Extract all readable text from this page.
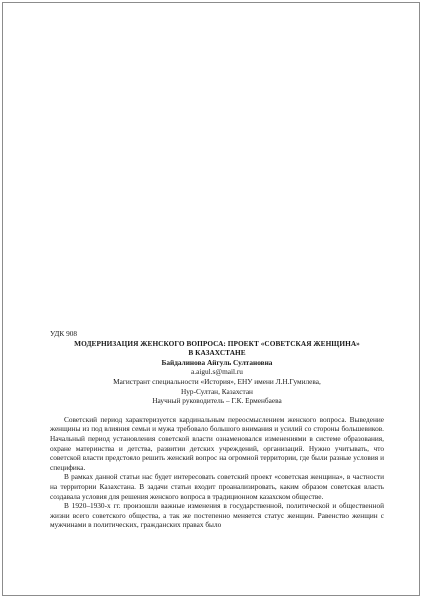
УДК 908

МОДЕРНИЗАЦИЯ ЖЕНСКОГО ВОПРОСА: ПРОЕКТ «СОВЕТСКАЯ ЖЕНЩИНА»

В КАЗАХСТАНЕ

Байдалинова Айгуль Султановна

a.aigul.s@mail.ru

Магистрант специальности «История», ЕНУ имени Л.Н.Гумилева,

Нур-Султан, Казахстан

Научный руководитель – Г.К. Ерменбаева

Советский период характеризуется кардинальным переосмыслением женского вопроса. Выведение женщины из под влияния семьи и мужа требовало большого внимания и усилий со стороны большевиков. Начальный период установления советской власти ознаменовался изменениями в системе образования, охране материнства и детства, развитии детских учреждений, организаций. Нужно учитывать, что советской власти предстояло решить женский вопрос на огромной территории, где были разные условия и специфика.

В рамках данной статьи нас будет интересовать советский проект «советская женщина», в частности на территории Казахстана. В задачи статьи входит проанализировать, каким образом советская власть создавала условия для решения женского вопроса в традиционном казахском обществе.

В 1920–1930-х гг. произошли важные изменения в государственной, политической и общественной жизни всего советского общества, а так же постепенно меняется статус женщин. Равенство женщин с мужчинами в политических, гражданских правах было
